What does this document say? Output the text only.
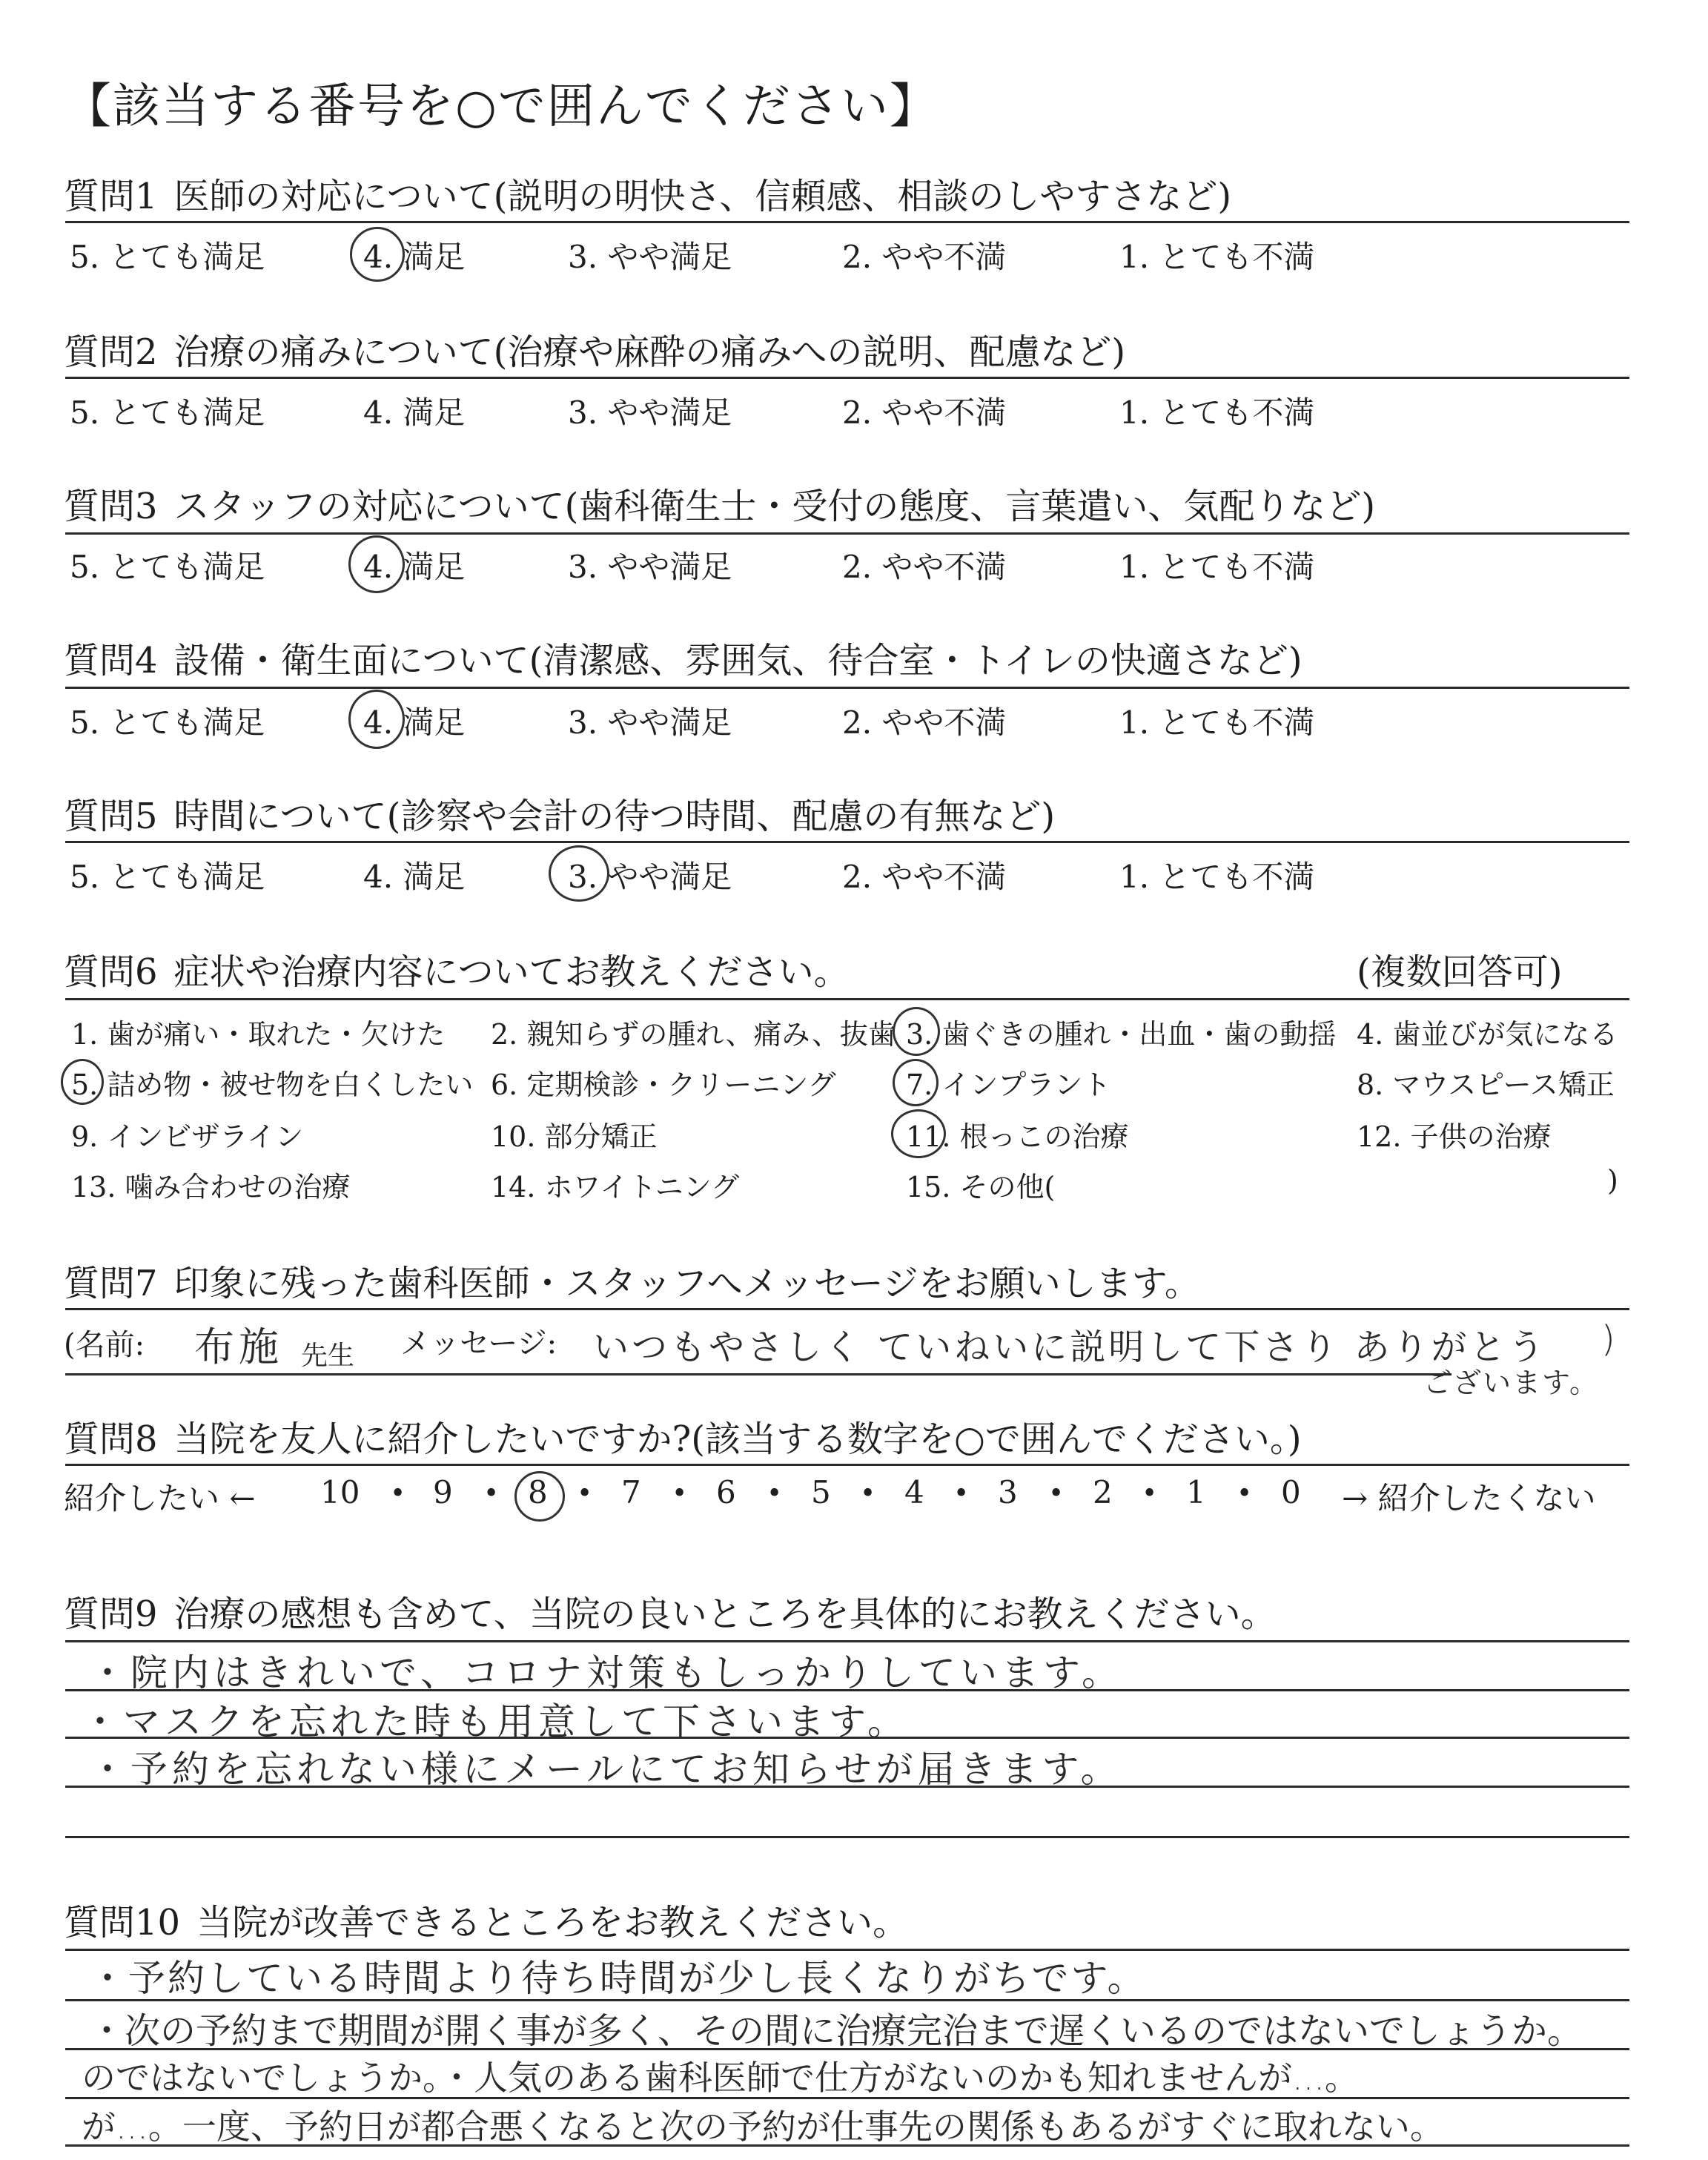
【該当する番号を○で囲んでください】
質問1 医師の対応について(説明の明快さ、信頼感、相談のしやすさなど)
5. とても満足	4. 満足	3. やや満足	2. やや不満	1. とても不満
質問2 治療の痛みについて(治療や麻酔の痛みへの説明、配慮など)
5. とても満足	4. 満足	3. やや満足	2. やや不満	1. とても不満
質問3 スタッフの対応について(歯科衛生士・受付の態度、言葉遣い、気配りなど)
5. とても満足	4. 満足	3. やや満足	2. やや不満	1. とても不満
質問4 設備・衛生面について(清潔感、雰囲気、待合室・トイレの快適さなど)
5. とても満足	4. 満足	3. やや満足	2. やや不満	1. とても不満
質問5 時間について(診察や会計の待つ時間、配慮の有無など)
5. とても満足	4. 満足	3. やや満足	2. やや不満	1. とても不満
質問6 症状や治療内容についてお教えください。	(複数回答可)
1. 歯が痛い・取れた・欠けた 2. 親知らずの腫れ、痛み、抜歯 3. 歯ぐきの腫れ・出血・歯の動揺 4. 歯並びが気になる
5. 詰め物・被せ物を白くしたい 6. 定期検診・クリーニング 7. インプラント	8. マウスピース矯正
9. インビザライン	10. 部分矯正	11. 根っこの治療	12. 子供の治療
13. 噛み合わせの治療	14. ホワイトニング	15. その他(	)
質問7 印象に残った歯科医師・スタッフへメッセージをお願いします。
(名前: 布施 先生 メッセージ: いつもやさしく ていねいに説明して下さり ありがとう )
ございます。
質問8 当院を友人に紹介したいですか?(該当する数字を○で囲んでください。)
紹介したい ←	→ 紹介したくない
10 • 9 • 8 • 7 • 6 • 5 • 4 • 3 • 2 • 1 • 0
質問9 治療の感想も含めて、当院の良いところを具体的にお教えください。
・院内はきれいで、コロナ対策もしっかりしています。
・マスクを忘れた時も用意して下さいます。
・予約を忘れない様にメールにてお知らせが届きます。
質問10 当院が改善できるところをお教えください。
・予約している時間より待ち時間が少し長くなりがちです。
・次の予約まで期間が開く事が多く、その間に治療完治まで遅くいるのではないでしょうか。
のではないでしょうか。・人気のある歯科医師で仕方がないのかも知れませんが...。
が...。一度、予約日が都合悪くなると次の予約が仕事先の関係もあるがすぐに取れない。
